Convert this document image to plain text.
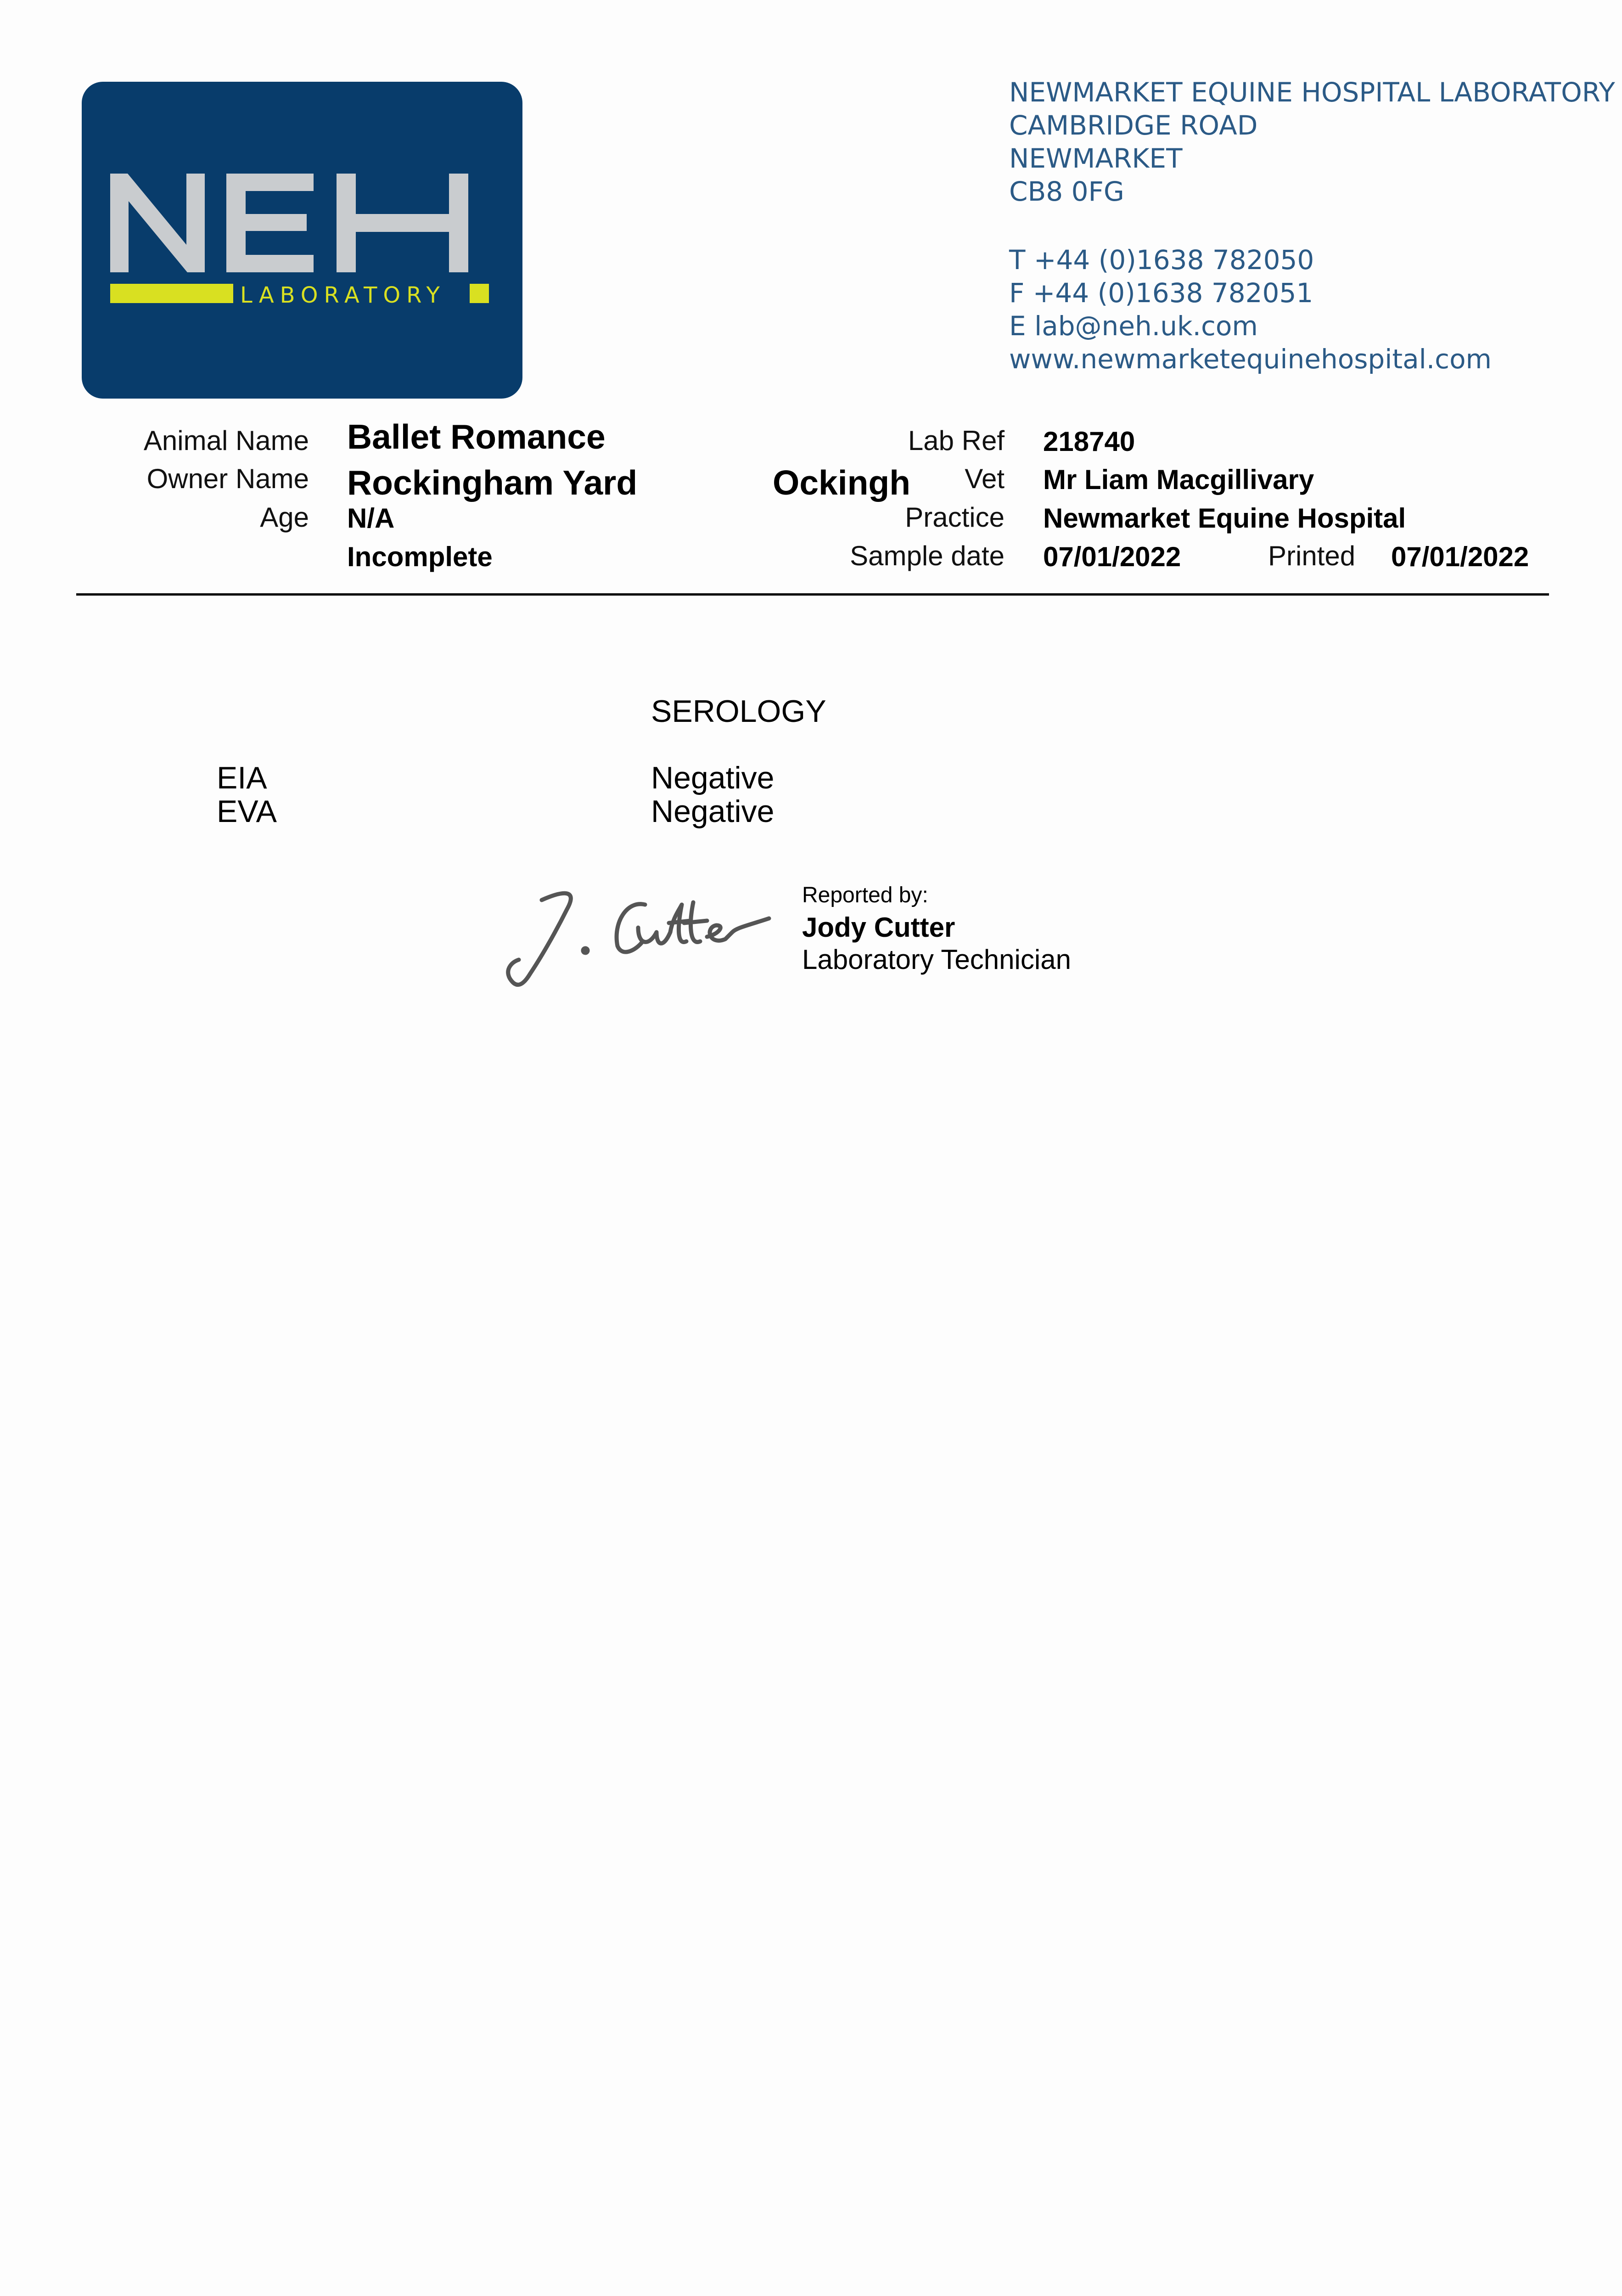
LABORATORY
NEWMARKET EQUINE HOSPITAL LABORATORY
CAMBRIDGE ROAD
NEWMARKET
CB8 0FG
T +44 (0)1638 782050
F +44 (0)1638 782051
E lab@neh.uk.com
www.newmarketequinehospital.com
Animal Name Ballet Romance
Owner Name Rockingham Yard	Ockingh
Age N/A
Incomplete
Lab Ref 218740
Vet Mr Liam Macgillivary
Practice Newmarket Equine Hospital
Sample date 07/01/2022	Printed 07/01/2022
SEROLOGY
EIA	Negative
EVA	Negative
Reported by:
Jody Cutter
Laboratory Technician
